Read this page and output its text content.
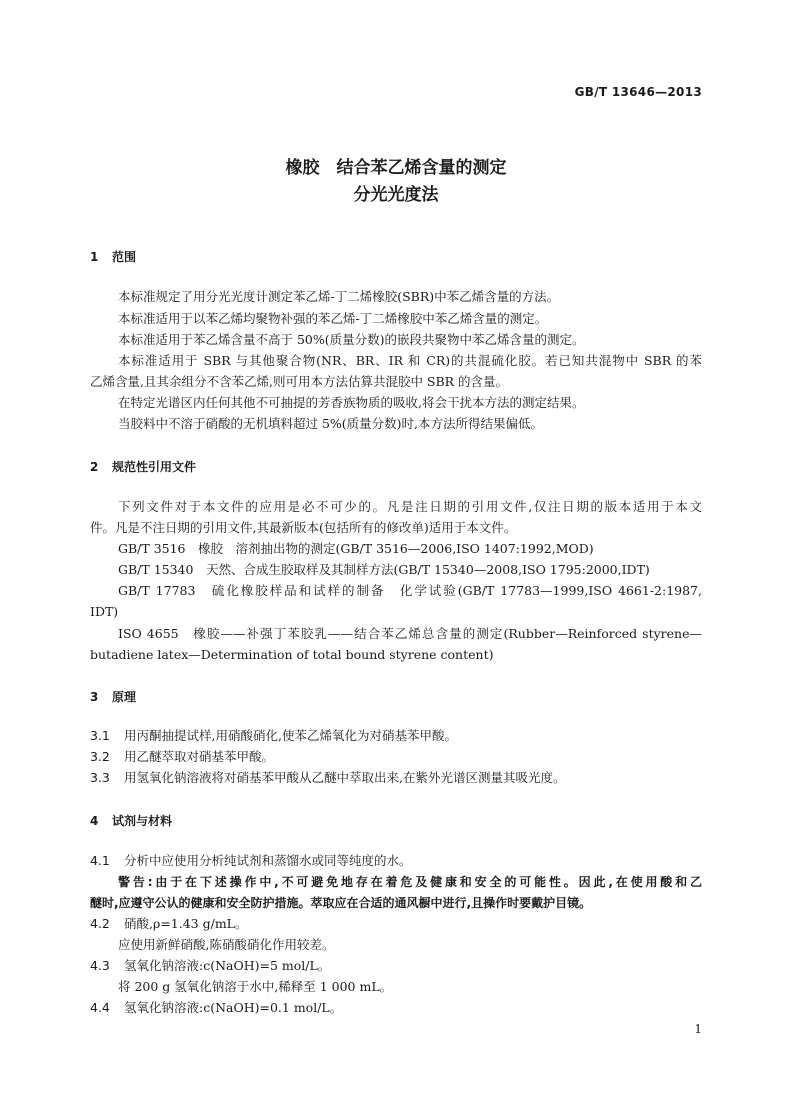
GB/T 13646—2013
橡胶　结合苯乙烯含量的测定
分光光度法
1 范围
本标准规定了用分光光度计测定苯乙烯-丁二烯橡胶(SBR)中苯乙烯含量的方法。
本标准适用于以苯乙烯均聚物补强的苯乙烯-丁二烯橡胶中苯乙烯含量的测定。
本标准适用于苯乙烯含量不高于 50%(质量分数)的嵌段共聚物中苯乙烯含量的测定。
本标准适用于 SBR 与其他聚合物(NR、BR、IR 和 CR)的共混硫化胶。若已知共混物中 SBR 的苯
乙烯含量,且其余组分不含苯乙烯,则可用本方法估算共混胶中 SBR 的含量。
在特定光谱区内任何其他不可抽提的芳香族物质的吸收,将会干扰本方法的测定结果。
当胶料中不溶于硝酸的无机填料超过 5%(质量分数)时,本方法所得结果偏低。
2 规范性引用文件
下列文件对于本文件的应用是必不可少的。凡是注日期的引用文件,仅注日期的版本适用于本文
件。凡是不注日期的引用文件,其最新版本(包括所有的修改单)适用于本文件。
GB/T 3516　橡胶　溶剂抽出物的测定(GB/T 3516—2006,ISO 1407:1992,MOD)
GB/T 15340　天然、合成生胶取样及其制样方法(GB/T 15340—2008,ISO 1795:2000,IDT)
GB/T 17783　硫化橡胶样品和试样的制备　化学试验(GB/T 17783—1999,ISO 4661-2:1987,
IDT)
ISO 4655　橡胶——补强丁苯胶乳——结合苯乙烯总含量的测定(Rubber—Reinforced styrene—
butadiene latex—Determination of total bound styrene content)
3 原理
3.1 用丙酮抽提试样,用硝酸硝化,使苯乙烯氧化为对硝基苯甲酸。
3.2 用乙醚萃取对硝基苯甲酸。
3.3 用氢氧化钠溶液将对硝基苯甲酸从乙醚中萃取出来,在紫外光谱区测量其吸光度。
4 试剂与材料
4.1 分析中应使用分析纯试剂和蒸馏水或同等纯度的水。
警告:由于在下述操作中,不可避免地存在着危及健康和安全的可能性。因此,在使用酸和乙
醚时,应遵守公认的健康和安全防护措施。萃取应在合适的通风橱中进行,且操作时要戴护目镜。
4.2 硝酸,ρ=1.43 g/mL。
应使用新鲜硝酸,陈硝酸硝化作用较差。
4.3 氢氧化钠溶液:c(NaOH)=5 mol/L。
将 200 g 氢氧化钠溶于水中,稀释至 1 000 mL。
4.4 氢氧化钠溶液:c(NaOH)=0.1 mol/L。
1
